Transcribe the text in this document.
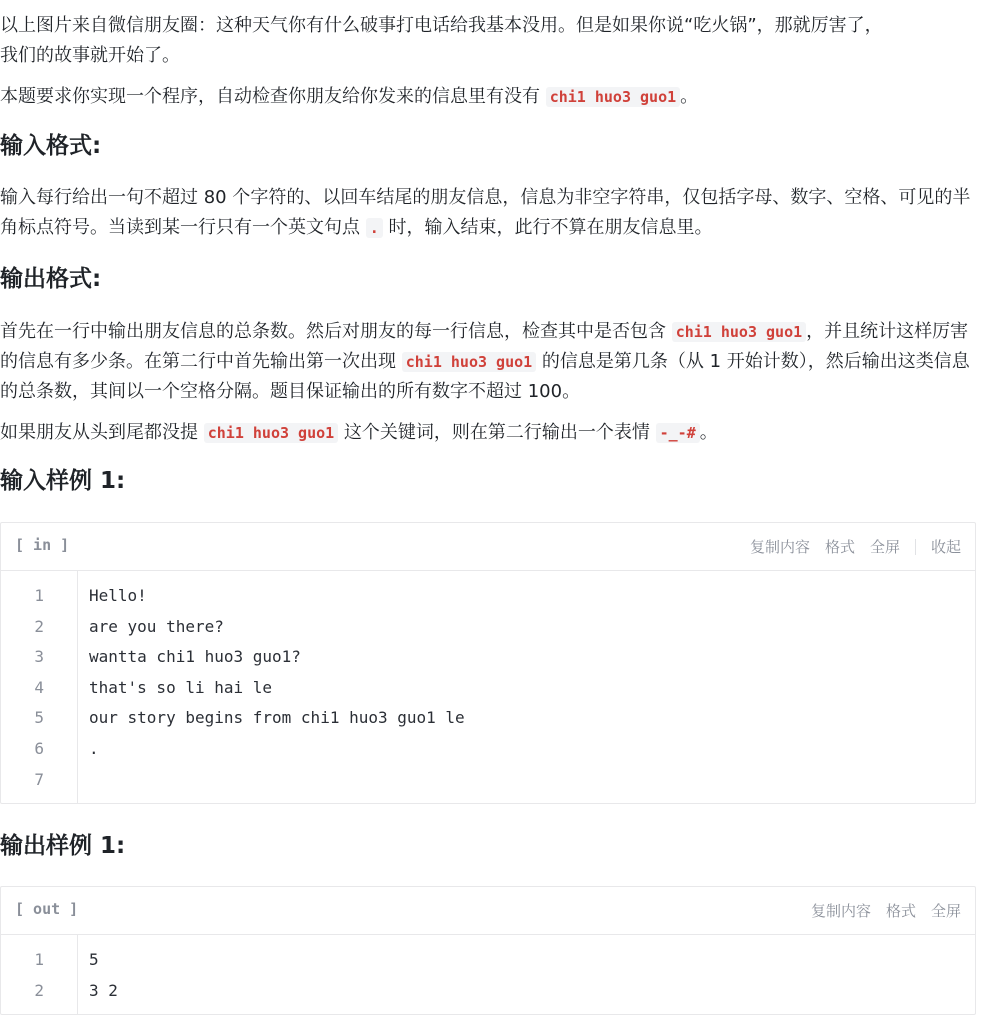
以上图片来自微信朋友圈：这种天气你有什么破事打电话给我基本没用。但是如果你说“吃火锅”，那就厉害了，
我们的故事就开始了。

本题要求你实现一个程序，自动检查你朋友给你发来的信息里有没有 chi1 huo3 guo1 。

输入格式:

输入每行给出一句不超过 80 个字符的、以回车结尾的朋友信息，信息为非空字符串，仅包括字母、数字、空格、可见的半角标点符号。当读到某一行只有一个英文句点 . 时，输入结束，此行不算在朋友信息里。

输出格式:

首先在一行中输出朋友信息的总条数。然后对朋友的每一行信息，检查其中是否包含 chi1 huo3 guo1 ，并且统计这样厉害的信息有多少条。在第二行中首先输出第一次出现 chi1 huo3 guo1 的信息是第几条（从 1 开始计数），然后输出这类信息的总条数，其间以一个空格分隔。题目保证输出的所有数字不超过 100。

如果朋友从头到尾都没提 chi1 huo3 guo1 这个关键词，则在第二行输出一个表情 -_-# 。

输入样例 1:
[ in ]	复制内容 格式 全屏 收起
1
2
3
4
5
6
7
Hello!
are you there?
wantta chi1 huo3 guo1?
that's so li hai le
our story begins from chi1 huo3 guo1 le
.
输出样例 1:
[ out ]	复制内容 格式 全屏
1
2
5
3 2
